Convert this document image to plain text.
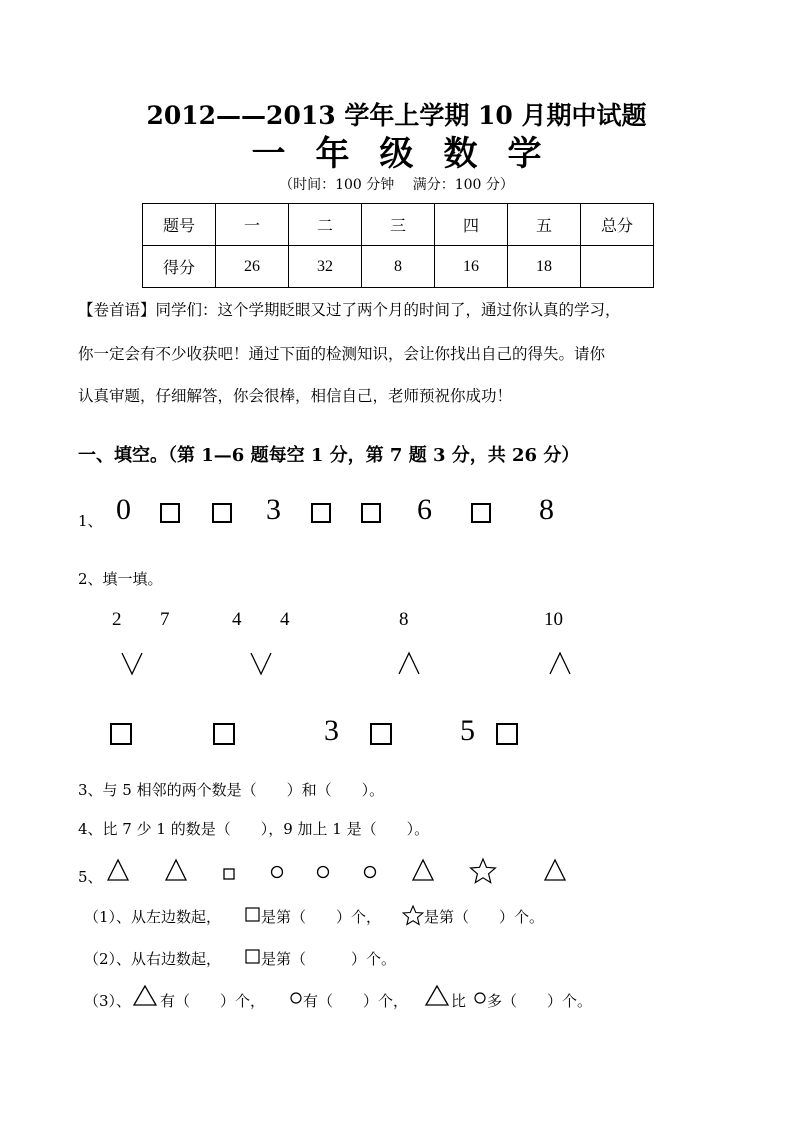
2012——2013 学年上学期 10 月期中试题
一年级数学
（时间：100 分钟　 满分：100 分）
题号	一	二	三	四	五	总分
得分	26	32	8	16	18	
【卷首语】同学们：这个学期眨眼又过了两个月的时间了，通过你认真的学习，
你一定会有不少收获吧！通过下面的检测知识，会让你找出自己的得失。请你
认真审题，仔细解答，你会很棒，相信自己，老师预祝你成功！
一、填空。（第 1—6 题每空 1 分，第 7 题 3 分，共 26 分）
1、 0	3	6	8
2、填一填。
2 7	4 4	8	10
3	5
3、与 5 相邻的两个数是（　　）和（　　）。
4、比 7 少 1 的数是（　　），9 加上 1 是（　　）。
5、
（1）、从左边数起，	是第（　　）个，	是第（　　）个。
（2）、从右边数起，	是第（　　　）个。
（3）、 有（　　）个，	有（　　）个，	比 多（　　）个。
